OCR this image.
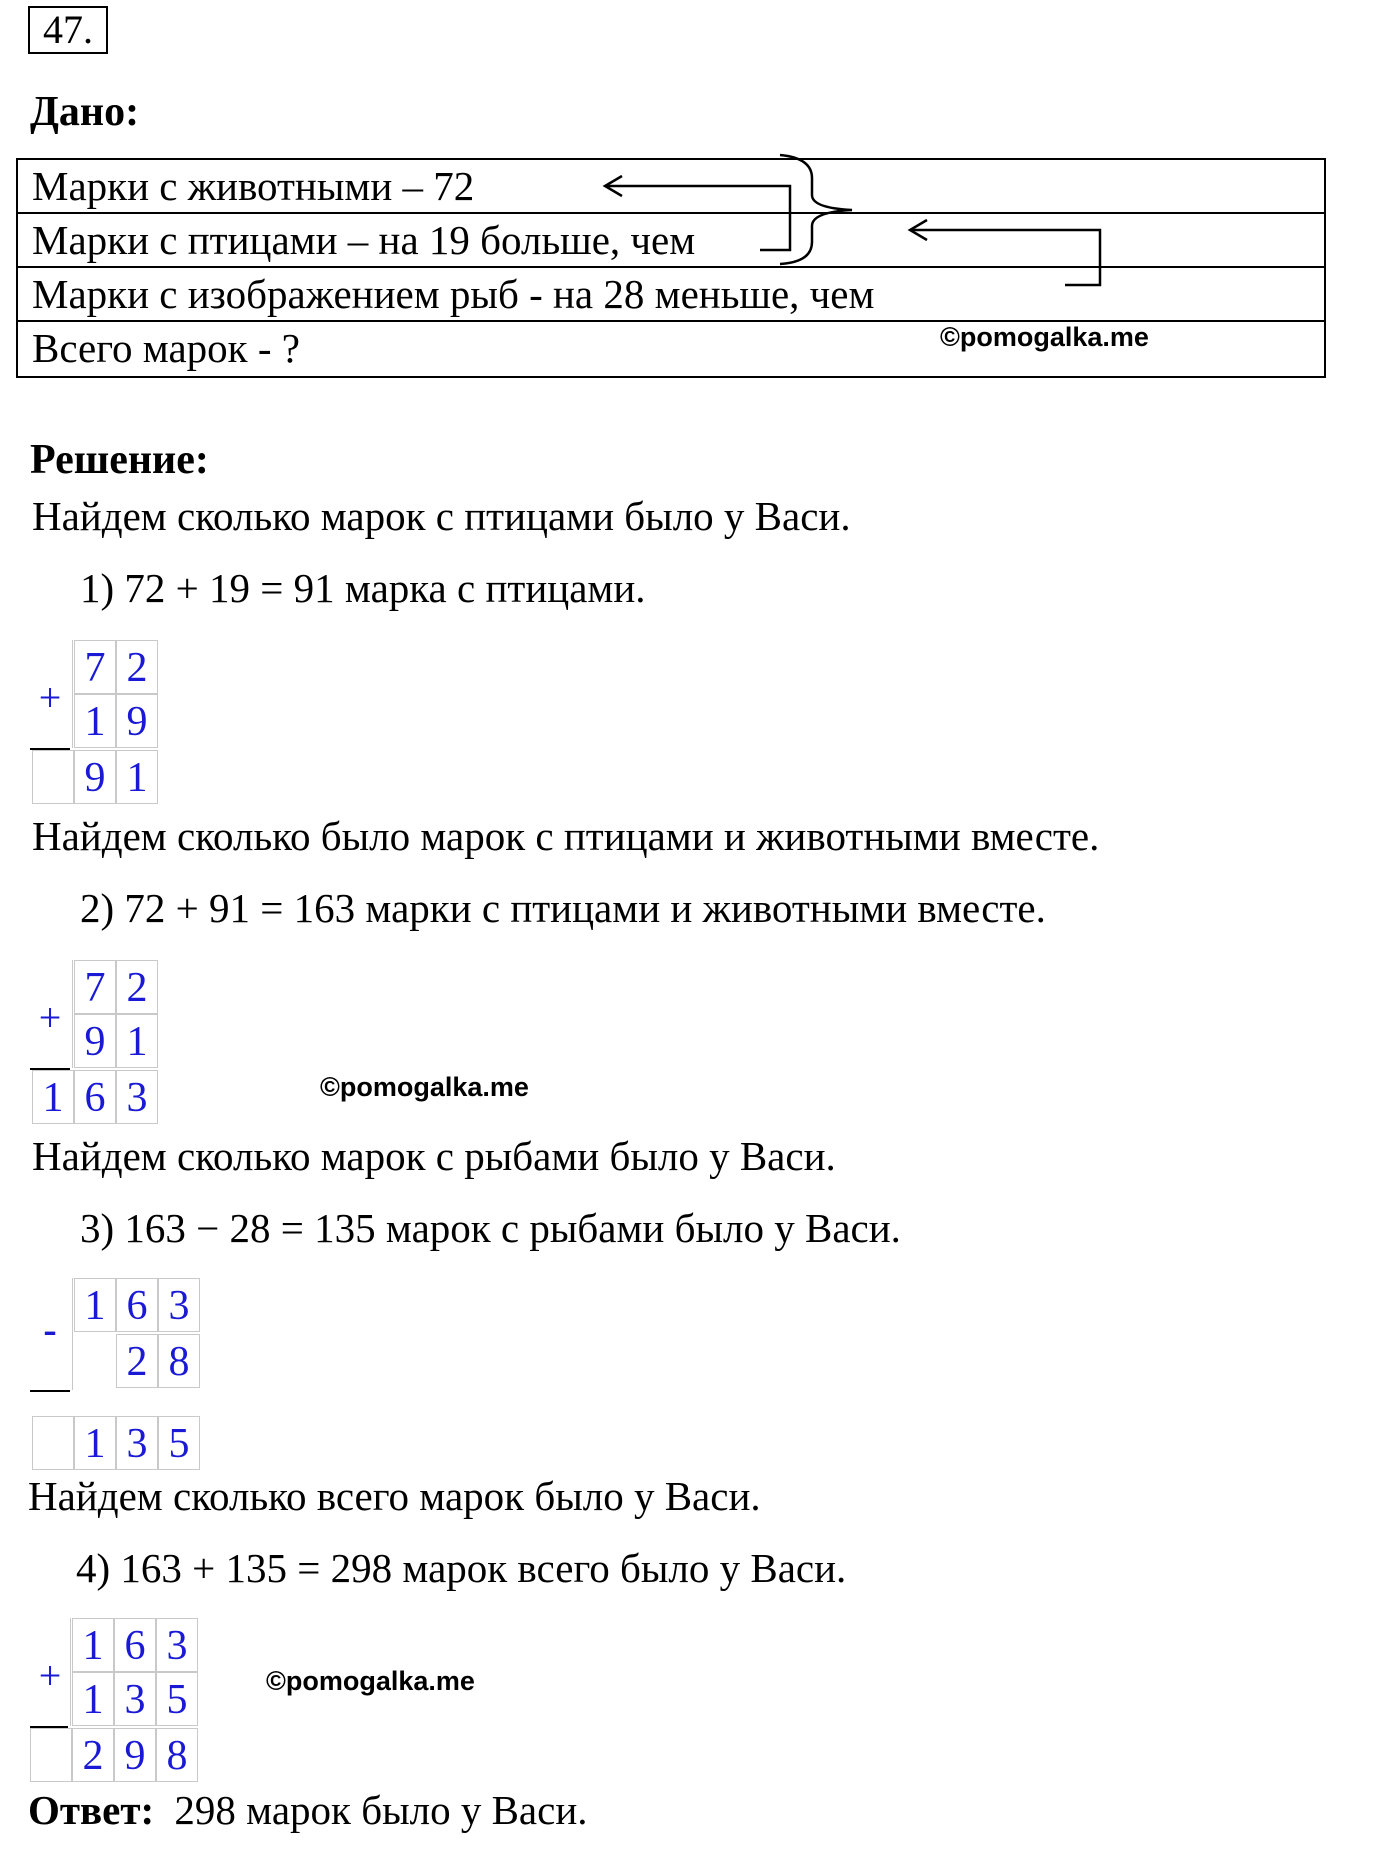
47.
Дано:
Марки с животными – 72
Марки с птицами – на 19 больше, чем
Марки с изображением рыб - на 28 меньше, чем
Всего марок - ?	©pomogalka.me
Решение:
Найдем сколько марок с птицами было у Васи.
1) 72 + 19 = 91 марка с птицами.
+
7 2
1 9
9 1
Найдем сколько было марок с птицами и животными вместе.
2) 72 + 91 = 163 марки с птицами и животными вместе.
+
7 2
9 1
1 6 3	©pomogalka.me
Найдем сколько марок с рыбами было у Васи.
3) 163 − 28 = 135 марок с рыбами было у Васи.
-
1 6 3
2 8
1 3 5
Найдем сколько всего марок было у Васи.
4) 163 + 135 = 298 марок всего было у Васи.
+
1 6 3
1 3 5
2 9 8
©pomogalka.me
Ответ: 298 марок было у Васи.
